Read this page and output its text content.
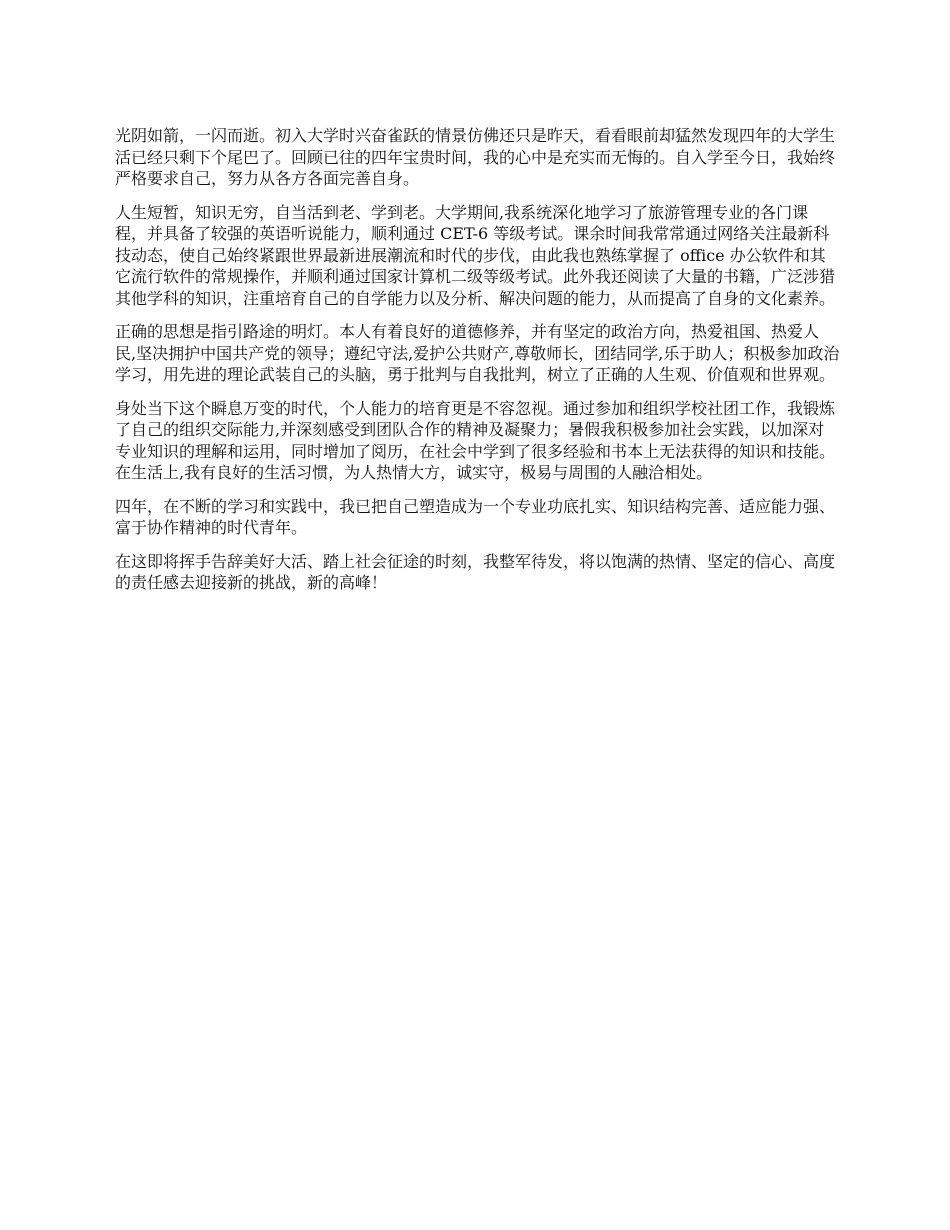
光阴如箭，一闪而逝。初入大学时兴奋雀跃的情景仿佛还只是昨天，看看眼前却猛然发现四年的大学生活已经只剩下个尾巴了。回顾已往的四年宝贵时间，我的心中是充实而无悔的。自入学至今日，我始终严格要求自己，努力从各方各面完善自身。

人生短暂，知识无穷，自当活到老、学到老。大学期间,我系统深化地学习了旅游管理专业的各门课程，并具备了较强的英语听说能力，顺利通过 CET-6 等级考试。课余时间我常常通过网络关注最新科技动态，使自己始终紧跟世界最新进展潮流和时代的步伐，由此我也熟练掌握了 office 办公软件和其它流行软件的常规操作，并顺利通过国家计算机二级等级考试。此外我还阅读了大量的书籍，广泛涉猎其他学科的知识，注重培育自己的自学能力以及分析、解决问题的能力，从而提高了自身的文化素养。

正确的思想是指引路途的明灯。本人有着良好的道德修养，并有坚定的政治方向，热爱祖国、热爱人民,坚决拥护中国共产党的领导；遵纪守法,爱护公共财产,尊敬师长，团结同学,乐于助人；积极参加政治学习，用先进的理论武装自己的头脑，勇于批判与自我批判，树立了正确的人生观、价值观和世界观。

身处当下这个瞬息万变的时代，个人能力的培育更是不容忽视。通过参加和组织学校社团工作，我锻炼了自己的组织交际能力,并深刻感受到团队合作的精神及凝聚力；暑假我积极参加社会实践，以加深对专业知识的理解和运用，同时增加了阅历，在社会中学到了很多经验和书本上无法获得的知识和技能。在生活上,我有良好的生活习惯，为人热情大方，诚实守，极易与周围的人融洽相处。

四年，在不断的学习和实践中，我已把自己塑造成为一个专业功底扎实、知识结构完善、适应能力强、富于协作精神的时代青年。

在这即将挥手告辞美好大活、踏上社会征途的时刻，我整军待发，将以饱满的热情、坚定的信心、高度的责任感去迎接新的挑战，新的高峰！
